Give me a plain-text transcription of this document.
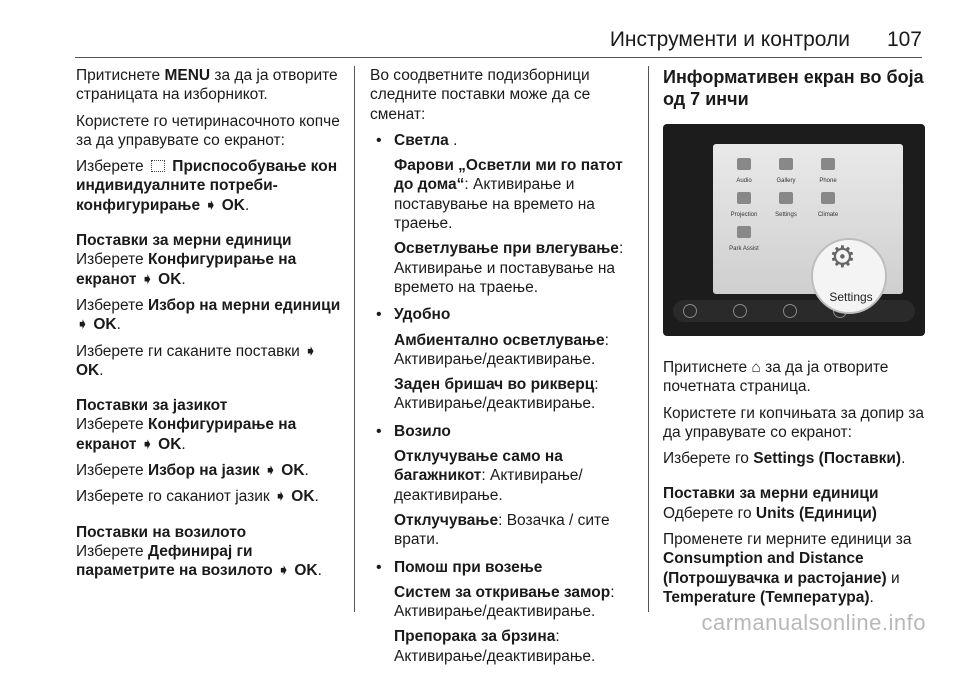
Инструменти и контроли 107

Притиснете MENU за да ја отворите страницата на изборникот.

Користете го четиринасочното копче за да управувате со екранот:

Изберете Приспособување кон индивидуалните потреби-конфигурирање ➧ OK.

Поставки за мерни единици

Изберете Конфигурирање на екранот ➧ OK.

Изберете Избор на мерни единици ➧ OK.

Изберете ги саканите поставки ➧ OK.

Поставки за јазикот

Изберете Конфигурирање на екранот ➧ OK.

Изберете Избор на јазик ➧ OK.

Изберете го саканиот јазик ➧ OK.

Поставки на возилото

Изберете Дефинирај ги параметрите на возилото ➧ OK.

Во соодветните подизборници следните поставки може да се сменат:

• Светла .
Фарови „Осветли ми го патот до дома“: Активирање и поставување на времето на траење.
Осветлување при влегување: Активирање и поставување на времето на траење.
• Удобно
Амбиентално осветлување: Активирање/деактивирање.
Заден бришач во рикверц: Активирање/деактивирање.
• Возило
Отклучување само на багажникот: Активирање/деактивирање.
Отклучување: Возачка / сите врати.
• Помош при возење
Систем за откривање замор: Активирање/деактивирање.
Препорака за брзина: Активирање/деактивирање.
Информативен екран во боја од 7 инчи
Audio	Gallery	Phone
Projection	Settings	Climate
Park Assist ⚙
Settings

Притиснете ⌂ за да ја отворите почетната страница.

Користете ги копчињата за допир за да управувате со екранот:

Изберете го Settings (Поставки).

Поставки за мерни единици

Одберете го Units (Единици)

Променете ги мерните единици за Consumption and Distance (Потрошувачка и растојание) и Temperature (Температура).

carmanualsonline.info
